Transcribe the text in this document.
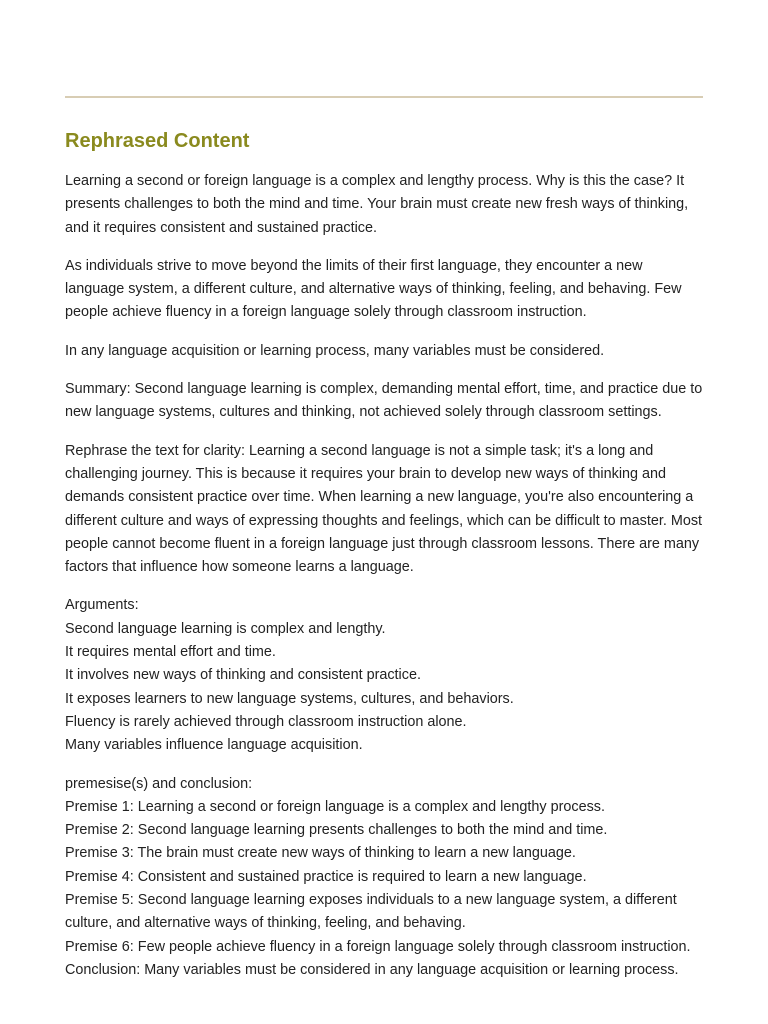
Rephrased Content

Learning a second or foreign language is a complex and lengthy process. Why is this the case? It presents challenges to both the mind and time. Your brain must create new fresh ways of thinking, and it requires consistent and sustained practice.

As individuals strive to move beyond the limits of their first language, they encounter a new language system, a different culture, and alternative ways of thinking, feeling, and behaving. Few people achieve fluency in a foreign language solely through classroom instruction.

In any language acquisition or learning process, many variables must be considered.

Summary: Second language learning is complex, demanding mental effort, time, and practice due to new language systems, cultures and thinking, not achieved solely through classroom settings.

Rephrase the text for clarity: Learning a second language is not a simple task; it's a long and challenging journey. This is because it requires your brain to develop new ways of thinking and demands consistent practice over time. When learning a new language, you're also encountering a different culture and ways of expressing thoughts and feelings, which can be difficult to master. Most people cannot become fluent in a foreign language just through classroom lessons. There are many factors that influence how someone learns a language.

Arguments:
Second language learning is complex and lengthy.
It requires mental effort and time.
It involves new ways of thinking and consistent practice.
It exposes learners to new language systems, cultures, and behaviors.
Fluency is rarely achieved through classroom instruction alone.
Many variables influence language acquisition.

premesise(s) and conclusion:
Premise 1: Learning a second or foreign language is a complex and lengthy process.
Premise 2: Second language learning presents challenges to both the mind and time.
Premise 3: The brain must create new ways of thinking to learn a new language.
Premise 4: Consistent and sustained practice is required to learn a new language.
Premise 5: Second language learning exposes individuals to a new language system, a different culture, and alternative ways of thinking, feeling, and behaving.
Premise 6: Few people achieve fluency in a foreign language solely through classroom instruction.
Conclusion: Many variables must be considered in any language acquisition or learning process.
